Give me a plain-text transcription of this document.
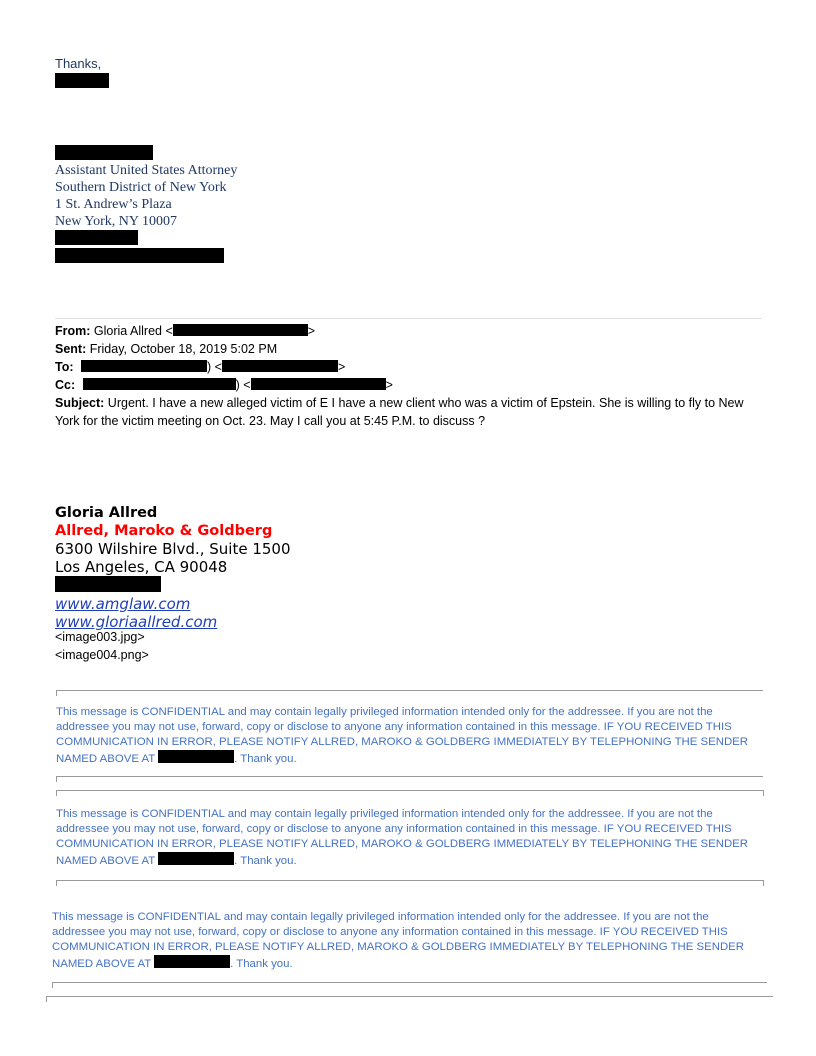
Thanks,
Assistant United States Attorney
Southern District of New York
1 St. Andrew’s Plaza
New York, NY 10007
From: Gloria Allred <	>
Sent: Friday, October 18, 2019 5:02 PM
To:	) <	>
Cc:	) <	>
Subject: Urgent. I have a new alleged victim of E I have a new client who was a victim of Epstein. She is willing to fly to New York for the victim meeting on Oct. 23. May I call you at 5:45 P.M. to discuss ?
Gloria Allred
Allred, Maroko & Goldberg
6300 Wilshire Blvd., Suite 1500
Los Angeles, CA 90048
www.amglaw.com
www.gloriaallred.com
<image003.jpg>
<image004.png>
This message is CONFIDENTIAL and may contain legally privileged information intended only for the addressee. If you are not the addressee you may not use, forward, copy or disclose to anyone any information contained in this message. IF YOU RECEIVED THIS COMMUNICATION IN ERROR, PLEASE NOTIFY ALLRED, MAROKO & GOLDBERG IMMEDIATELY BY TELEPHONING THE SENDER NAMED ABOVE AT	. Thank you.
This message is CONFIDENTIAL and may contain legally privileged information intended only for the addressee. If you are not the addressee you may not use, forward, copy or disclose to anyone any information contained in this message. IF YOU RECEIVED THIS COMMUNICATION IN ERROR, PLEASE NOTIFY ALLRED, MAROKO & GOLDBERG IMMEDIATELY BY TELEPHONING THE SENDER NAMED ABOVE AT	. Thank you.
This message is CONFIDENTIAL and may contain legally privileged information intended only for the addressee. If you are not the addressee you may not use, forward, copy or disclose to anyone any information contained in this message. IF YOU RECEIVED THIS COMMUNICATION IN ERROR, PLEASE NOTIFY ALLRED, MAROKO & GOLDBERG IMMEDIATELY BY TELEPHONING THE SENDER NAMED ABOVE AT	. Thank you.
